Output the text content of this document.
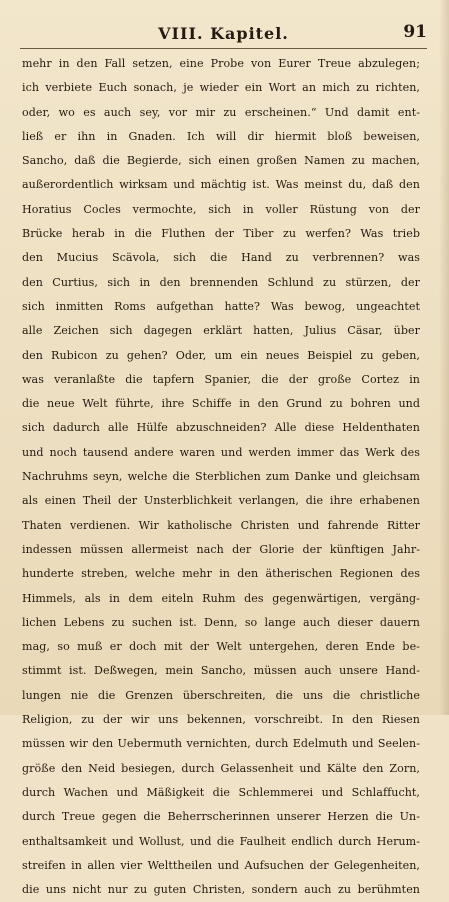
VIII. Kapitel.	91
mehr in den Fall setzen, eine Probe von Eurer Treue abzulegen;
ich verbiete Euch sonach, je wieder ein Wort an mich zu richten,
oder, wo es auch sey, vor mir zu erscheinen.“ Und damit ent-
ließ er ihn in Gnaden. Ich will dir hiermit bloß beweisen,
Sancho, daß die Begierde, sich einen großen Namen zu machen,
außerordentlich wirksam und mächtig ist. Was meinst du, daß den
Horatius Cocles vermochte, sich in voller Rüstung von der
Brücke herab in die Fluthen der Tiber zu werfen? Was trieb
den Mucius Scävola, sich die Hand zu verbrennen? was
den Curtius, sich in den brennenden Schlund zu stürzen, der
sich inmitten Roms aufgethan hatte? Was bewog, ungeachtet
alle Zeichen sich dagegen erklärt hatten, Julius Cäsar, über
den Rubicon zu gehen? Oder, um ein neues Beispiel zu geben,
was veranlaßte die tapfern Spanier, die der große Cortez in
die neue Welt führte, ihre Schiffe in den Grund zu bohren und
sich dadurch alle Hülfe abzuschneiden? Alle diese Heldenthaten
und noch tausend andere waren und werden immer das Werk des
Nachruhms seyn, welche die Sterblichen zum Danke und gleichsam
als einen Theil der Unsterblichkeit verlangen, die ihre erhabenen
Thaten verdienen. Wir katholische Christen und fahrende Ritter
indessen müssen allermeist nach der Glorie der künftigen Jahr-
hunderte streben, welche mehr in den ätherischen Regionen des
Himmels, als in dem eiteln Ruhm des gegenwärtigen, vergäng-
lichen Lebens zu suchen ist. Denn, so lange auch dieser dauern
mag, so muß er doch mit der Welt untergehen, deren Ende be-
stimmt ist. Deßwegen, mein Sancho, müssen auch unsere Hand-
lungen nie die Grenzen überschreiten, die uns die christliche
Religion, zu der wir uns bekennen, vorschreibt. In den Riesen
müssen wir den Uebermuth vernichten, durch Edelmuth und Seelen-
größe den Neid besiegen, durch Gelassenheit und Kälte den Zorn,
durch Wachen und Mäßigkeit die Schlemmerei und Schlaffucht,
durch Treue gegen die Beherrscherinnen unserer Herzen die Un-
enthaltsamkeit und Wollust, und die Faulheit endlich durch Herum-
streifen in allen vier Welttheilen und Aufsuchen der Gelegenheiten,
die uns nicht nur zu guten Christen, sondern auch zu berühmten
